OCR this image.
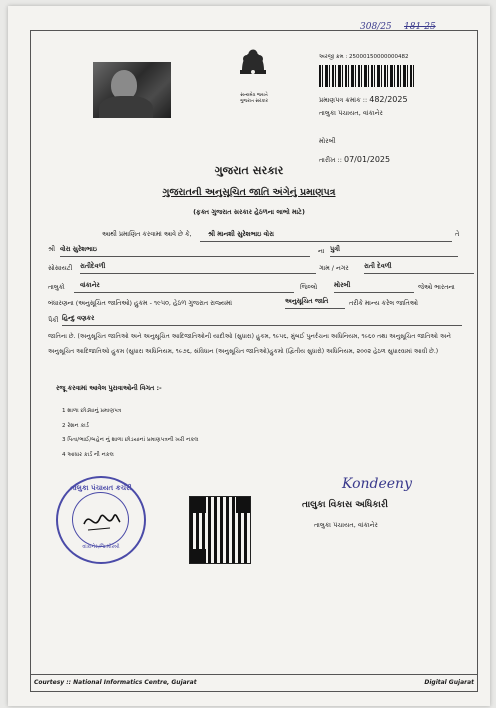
308/25 181-25
સત્યમેવ જયતે
ગુજરાત સરકાર
અરજી ક્રમ : 25000150000000482
પ્રમાણપત્ર ક્રમાંક :: 482/2025
તાલુકા પંચાયત, વાંકાનેર
મોરબી
તારીખ :: 07/01/2025
ગુજરાત સરકાર
ગુજરાતની અનુસૂચિત જાતિ અંગેનું પ્રમાણપત્ર
(ફક્ત ગુજરાત સરકાર હેઠળના લાભો માટે)
આથી પ્રમાણિત કરવામાં આવે છે કે,	શ્રી માનશી સુરેશભાઇ વોરા	તે
શ્રી વોરા સુરેશભાઇ	ના પુત્રી
સોસાયટી રાતીદેવળી	ગામ / નગર રાતી દેવળી
તાલુકો	વાંકાનેર	જિલ્લો	મોરબી	જેઓ ભારતના
બંધારણના (અનુસૂચિત જાતિઓ) હુકમ - ૧૯૫૦, હેઠળ ગુજરાત રાજ્યમાં	અનુસૂચિત જાતિ	તરીકે માન્ય કરેલ જાતિઓ
પૈકી હિન્દુ વણકર
જાતિના છે. (અનુસૂચિત જાતિઓ અને અનુસૂચિત આદિજાતિઓની યાદીઓ (સુધારા) હુકમ, ૧૯૫૬, મુંબઈ પુનર્રચના અધિનિયમ, ૧૯૬૦ તથા અનુસૂચિત જાતિઓ અને અનુસૂચિત આદિજાતિઓ હુકમ (સુધારા અધિનિયમ, ૧૯૭૬, સંવિધાન (અનુસૂચિત જાતિઓ)હુકમો (દ્વિતીય સુધારો) અધિનિયમ, ૨૦૦૨ હેઠળ સુધારવામાં આવી છે.)
રજૂ કરવામાં આવેલ પુરાવાઓની વિગત :-
1 શાળા છોડ્યાનું પ્રમાણપત્ર
2 રેશન કાર્ડ
3 પિતા/ભાઈ/બહેન નું શાળા છોડયાનાં પ્રમાણપત્રની ખરી નકલ
4 આધાર કાર્ડ ની નકલ
તાલુકા પંચાયત કચેરી
વાંકાનેર,જિ.મોરબી
Kondeeny
તાલુકા વિકાસ અધિકારી
તાલુકા પંચાયત, વાંકાનેર
Courtesy :: National Informatics Centre, Gujarat	Digital Gujarat
